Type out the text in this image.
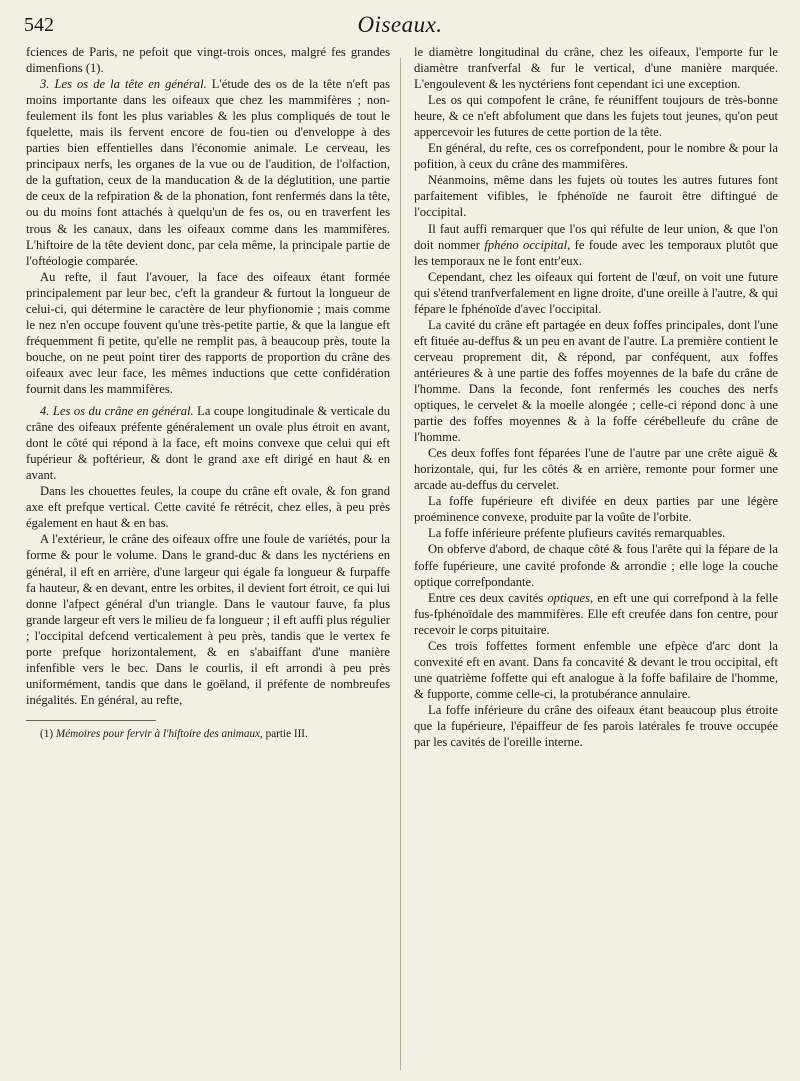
542	Oiseaux.

fciences de Paris, ne pefoit que vingt-trois onces, malgré fes grandes dimenfions (1).

3. Les os de la tête en général. L'étude des os de la tête n'eft pas moins importante dans les oifeaux que chez les mammifères ; non-feulement ils font les plus variables & les plus compliqués de tout le fquelette, mais ils fervent encore de fou-tien ou d'enveloppe à des parties bien effentielles dans l'économie animale. Le cerveau, les principaux nerfs, les organes de la vue ou de l'audition, de l'olfaction, de la guftation, ceux de la manducation & de la déglutition, une partie de ceux de la refpiration & de la phonation, font renfermés dans la tête, ou du moins font attachés à quelqu'un de fes os, ou en traverfent les trous & les canaux, dans les oifeaux comme dans les mammifères. L'hiftoire de la tête devient donc, par cela même, la principale partie de l'oftéologie comparée.

Au refte, il faut l'avouer, la face des oifeaux étant formée principalement par leur bec, c'eft la grandeur & furtout la longueur de celui-ci, qui détermine le caractère de leur phyfionomie ; mais comme le nez n'en occupe fouvent qu'une très-petite partie, & que la langue eft fréquemment fi petite, qu'elle ne remplit pas, à beaucoup près, toute la bouche, on ne peut point tirer des rapports de proportion du crâne des oifeaux avec leur face, les mêmes inductions que cette confidération fournit dans les mammifères.

4. Les os du crâne en général. La coupe longitudinale & verticale du crâne des oifeaux préfente généralement un ovale plus étroit en avant, dont le côté qui répond à la face, eft moins convexe que celui qui eft fupérieur & poftérieur, & dont le grand axe eft dirigé en haut & en avant.

Dans les chouettes feules, la coupe du crâne eft ovale, & fon grand axe eft prefque vertical. Cette cavité fe rétrécit, chez elles, à peu près également en haut & en bas.

A l'extérieur, le crâne des oifeaux offre une foule de variétés, pour la forme & pour le volume. Dans le grand-duc & dans les nyctériens en général, il eft en arrière, d'une largeur qui égale fa longueur & furpaffe fa hauteur, & en devant, entre les orbites, il devient fort étroit, ce qui lui donne l'afpect général d'un triangle. Dans le vautour fauve, fa plus grande largeur eft vers le milieu de fa longueur ; il eft auffi plus régulier ; l'occipital defcend verticalement à peu près, tandis que le vertex fe porte prefque horizontalement, & en s'abaiffant d'une manière infenfible vers le bec. Dans le courlis, il eft arrondi à peu près uniformément, tandis que dans le goëland, il préfente de nombreufes inégalités. En général, au refte,

(1) Mémoires pour fervir à l'hiftoire des animaux, partie III.

le diamètre longitudinal du crâne, chez les oifeaux, l'emporte fur le diamètre tranfverfal & fur le vertical, d'une manière marquée. L'engoulevent & les nyctériens font cependant ici une exception.

Les os qui compofent le crâne, fe réuniffent toujours de très-bonne heure, & ce n'eft abfolument que dans les fujets tout jeunes, qu'on peut appercevoir les futures de cette portion de la tête.

En général, du refte, ces os correfpondent, pour le nombre & pour la pofition, à ceux du crâne des mammifères.

Néanmoins, même dans les fujets où toutes les autres futures font parfaitement vifibles, le fphénoïde ne fauroit être diftingué de l'occipital.

Il faut auffi remarquer que l'os qui réfulte de leur union, & que l'on doit nommer fphéno occipital, fe foude avec les temporaux plutôt que les temporaux ne le font entr'eux.

Cependant, chez les oifeaux qui fortent de l'œuf, on voit une future qui s'étend tranfverfalement en ligne droite, d'une oreille à l'autre, & qui fépare le fphénoïde d'avec l'occipital.

La cavité du crâne eft partagée en deux foffes principales, dont l'une eft fituée au-deffus & un peu en avant de l'autre. La première contient le cerveau proprement dit, & répond, par conféquent, aux foffes antérieures & à une partie des foffes moyennes de la bafe du crâne de l'homme. Dans la feconde, font renfermés les couches des nerfs optiques, le cervelet & la moelle alongée ; celle-ci répond donc à une partie des foffes moyennes & à la foffe cérébelleufe du crâne de l'homme.

Ces deux foffes font féparées l'une de l'autre par une crête aiguë & horizontale, qui, fur les côtés & en arrière, remonte pour former une arcade au-deffus du cervelet.

La foffe fupérieure eft divifée en deux parties par une légère proéminence convexe, produite par la voûte de l'orbite.

La foffe inférieure préfente plufieurs cavités remarquables.

On obferve d'abord, de chaque côté & fous l'arête qui la fépare de la foffe fupérieure, une cavité profonde & arrondie ; elle loge la couche optique correfpondante.

Entre ces deux cavités optiques, en eft une qui correfpond à la felle fus-fphénoïdale des mammifères. Elle eft creufée dans fon centre, pour recevoir le corps pituitaire.

Ces trois foffettes forment enfemble une efpèce d'arc dont la convexité eft en avant. Dans fa concavité & devant le trou occipital, eft une quatrième foffette qui eft analogue à la foffe bafilaire de l'homme, & fupporte, comme celle-ci, la protubérance annulaire.

La foffe inférieure du crâne des oifeaux étant beaucoup plus étroite que la fupérieure, l'épaiffeur de fes parois latérales fe trouve occupée par les cavités de l'oreille interne.
